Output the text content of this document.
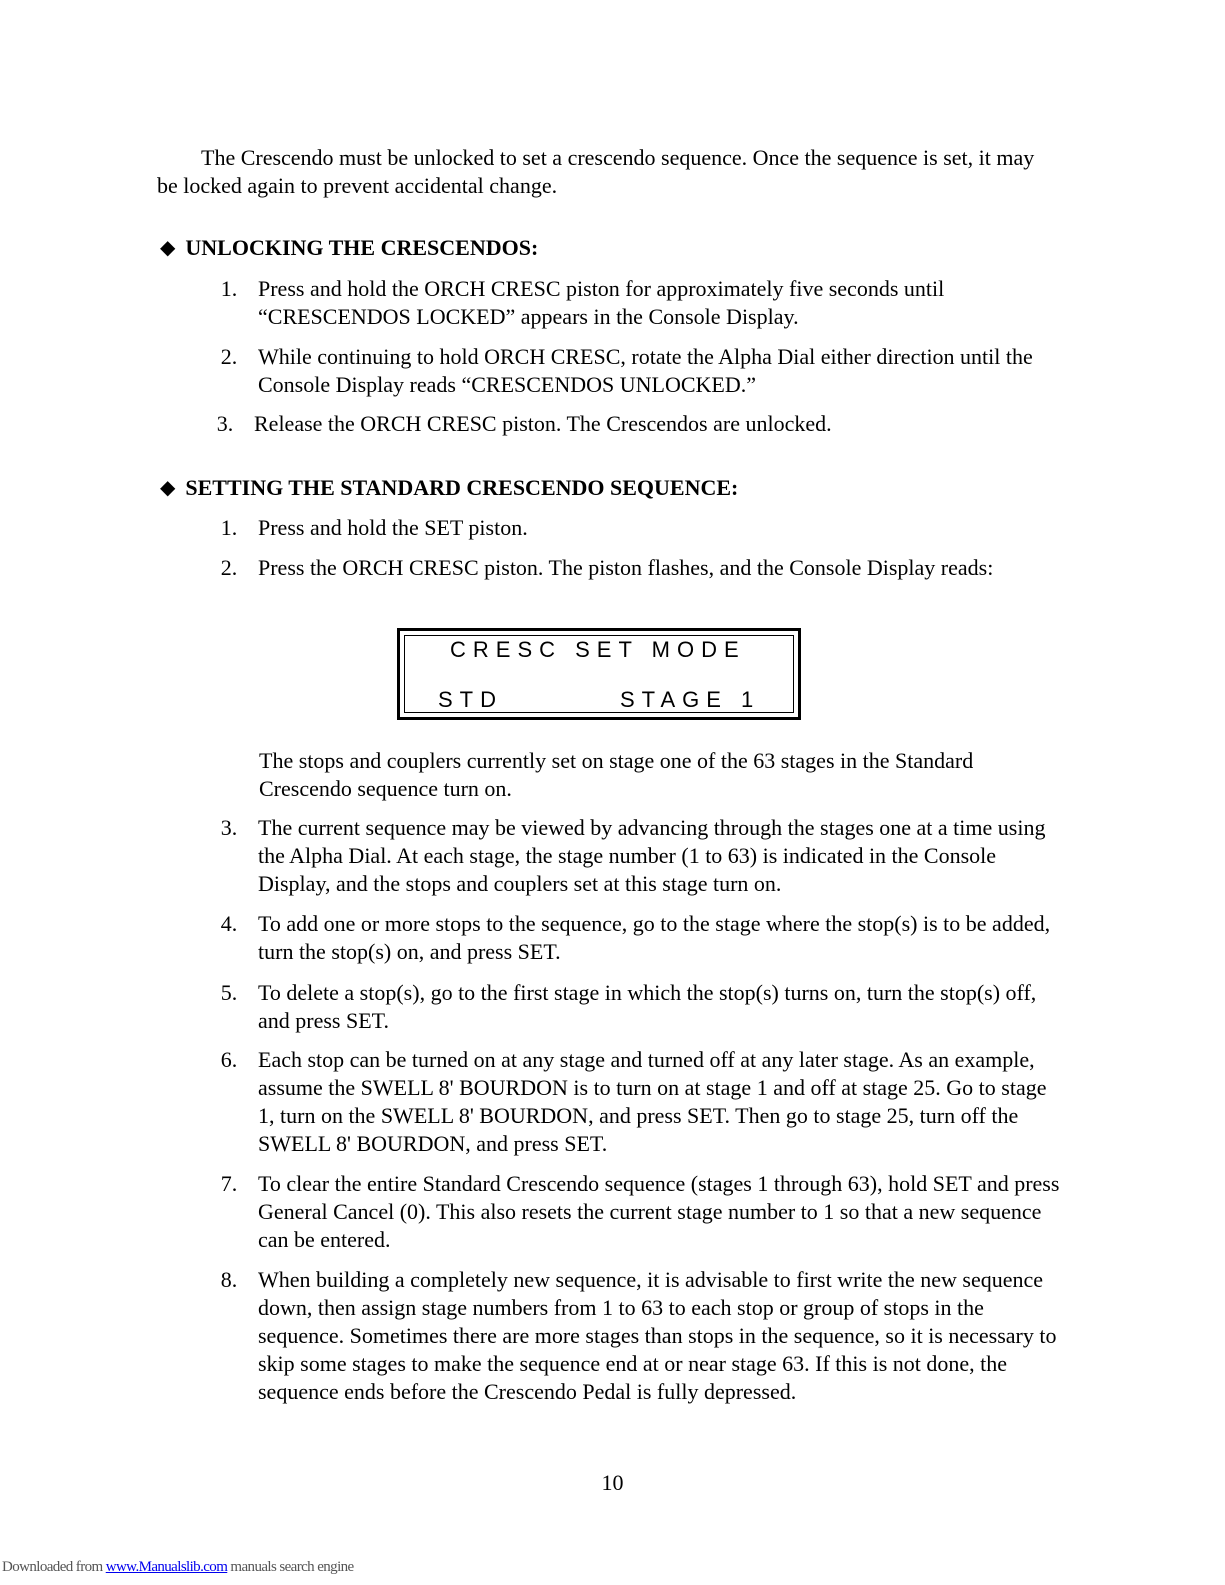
The Crescendo must be unlocked to set a crescendo sequence. Once the sequence is set, it may be locked again to prevent accidental change.
◆ UNLOCKING THE CRESCENDOS:
1. Press and hold the ORCH CRESC piston for approximately five seconds until “CRESCENDOS LOCKED” appears in the Console Display.
2. While continuing to hold ORCH CRESC, rotate the Alpha Dial either direction until the Console Display reads “CRESCENDOS UNLOCKED.”
3. Release the ORCH CRESC piston. The Crescendos are unlocked.
◆ SETTING THE STANDARD CRESCENDO SEQUENCE:
1. Press and hold the SET piston.
2. Press the ORCH CRESC piston. The piston flashes, and the Console Display reads:
CRESC SET MODE
STD	STAGE 1
The stops and couplers currently set on stage one of the 63 stages in the Standard Crescendo sequence turn on.
3. The current sequence may be viewed by advancing through the stages one at a time using the Alpha Dial. At each stage, the stage number (1 to 63) is indicated in the Console Display, and the stops and couplers set at this stage turn on.
4. To add one or more stops to the sequence, go to the stage where the stop(s) is to be added, turn the stop(s) on, and press SET.
5. To delete a stop(s), go to the first stage in which the stop(s) turns on, turn the stop(s) off, and press SET.
6. Each stop can be turned on at any stage and turned off at any later stage. As an example, assume the SWELL 8' BOURDON is to turn on at stage 1 and off at stage 25. Go to stage 1, turn on the SWELL 8' BOURDON, and press SET. Then go to stage 25, turn off the SWELL 8' BOURDON, and press SET.
7. To clear the entire Standard Crescendo sequence (stages 1 through 63), hold SET and press General Cancel (0). This also resets the current stage number to 1 so that a new sequence can be entered.
8. When building a completely new sequence, it is advisable to first write the new sequence down, then assign stage numbers from 1 to 63 to each stop or group of stops in the sequence. Sometimes there are more stages than stops in the sequence, so it is necessary to skip some stages to make the sequence end at or near stage 63. If this is not done, the sequence ends before the Crescendo Pedal is fully depressed.
10
Downloaded from www.Manualslib.com manuals search engine
